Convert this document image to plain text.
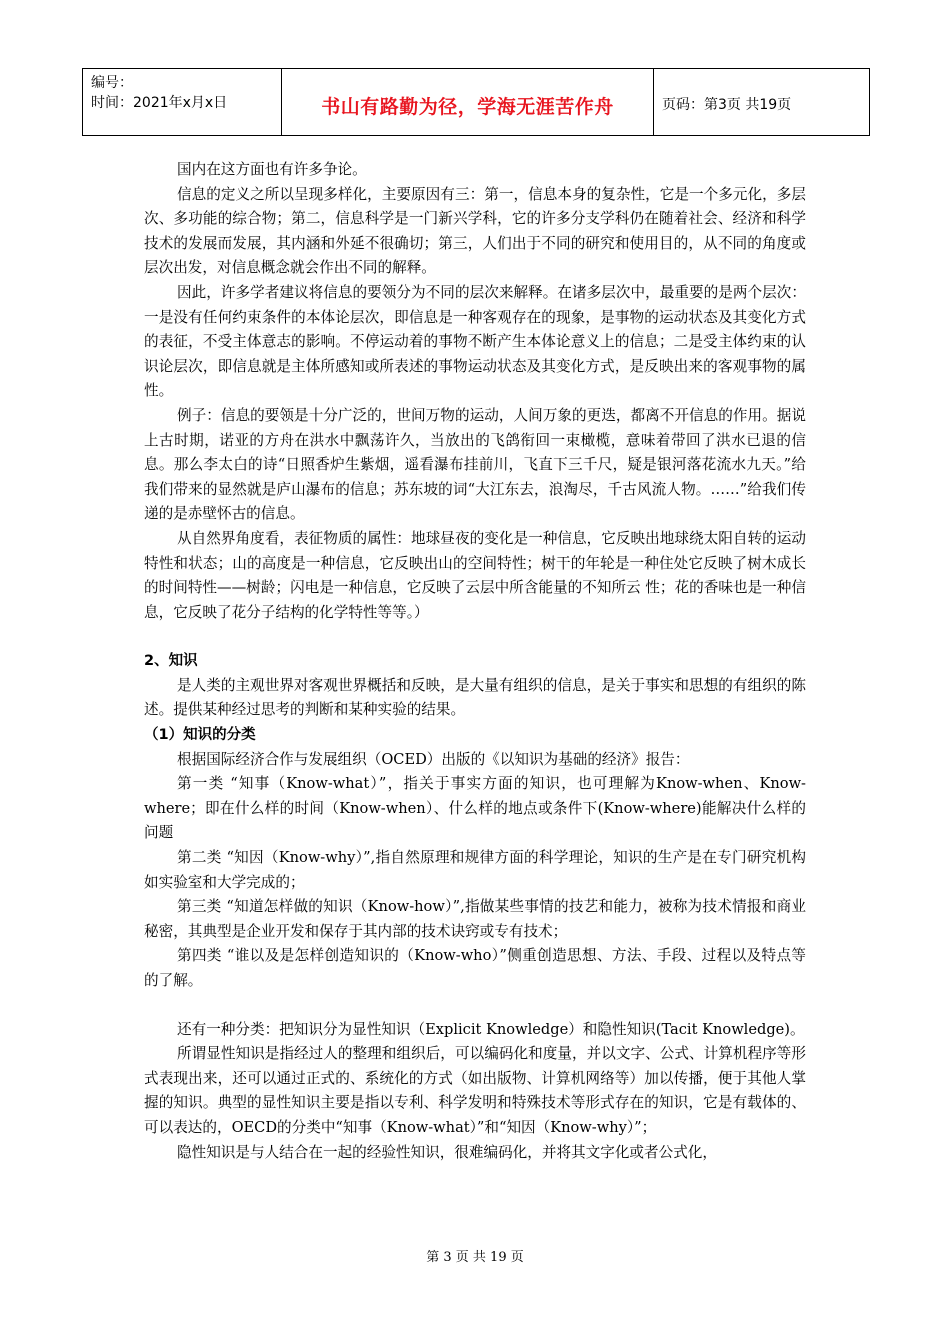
编号：
时间：2021年x月x日	书山有路勤为径，学海无涯苦作舟	页码：第3页 共19页

国内在这方面也有许多争论。

信息的定义之所以呈现多样化，主要原因有三：第一，信息本身的复杂性，它是一个多元化，多层次、多功能的综合物；第二，信息科学是一门新兴学科，它的许多分支学科仍在随着社会、经济和科学技术的发展而发展，其内涵和外延不很确切；第三，人们出于不同的研究和使用目的，从不同的角度或层次出发，对信息概念就会作出不同的解释。

因此，许多学者建议将信息的要领分为不同的层次来解释。在诸多层次中，最重要的是两个层次：一是没有任何约束条件的本体论层次，即信息是一种客观存在的现象，是事物的运动状态及其变化方式的表征，不受主体意志的影响。不停运动着的事物不断产生本体论意义上的信息；二是受主体约束的认识论层次，即信息就是主体所感知或所表述的事物运动状态及其变化方式，是反映出来的客观事物的属性。

例子：信息的要领是十分广泛的，世间万物的运动，人间万象的更迭，都离不开信息的作用。据说上古时期，诺亚的方舟在洪水中飘荡许久，当放出的飞鸽衔回一束橄榄，意味着带回了洪水已退的信息。那么李太白的诗“日照香炉生紫烟，遥看瀑布挂前川，飞直下三千尺，疑是银河落花流水九天。”给我们带来的显然就是庐山瀑布的信息；苏东坡的词“大江东去，浪淘尽，千古风流人物。……”给我们传递的是赤壁怀古的信息。

从自然界角度看，表征物质的属性：地球昼夜的变化是一种信息，它反映出地球绕太阳自转的运动特性和状态；山的高度是一种信息，它反映出山的空间特性；树干的年轮是一种住处它反映了树木成长的时间特性——树龄；闪电是一种信息，它反映了云层中所含能量的不知所云 性；花的香味也是一种信息，它反映了花分子结构的化学特性等等。）

2、知识

是人类的主观世界对客观世界概括和反映，是大量有组织的信息，是关于事实和思想的有组织的陈述。提供某种经过思考的判断和某种实验的结果。

（1）知识的分类

根据国际经济合作与发展组织（OCED）出版的《以知识为基础的经济》报告：

第一类 “知事（Know-what）”，指关于事实方面的知识，也可理解为Know-when、Know-where；即在什么样的时间（Know-when）、什么样的地点或条件下(Know-where)能解决什么样的问题

第二类 “知因（Know-why）”,指自然原理和规律方面的科学理论，知识的生产是在专门研究机构如实验室和大学完成的；

第三类 “知道怎样做的知识（Know-how）”,指做某些事情的技艺和能力，被称为技术情报和商业秘密，其典型是企业开发和保存于其内部的技术诀窍或专有技术；

第四类 “谁以及是怎样创造知识的（Know-who）”侧重创造思想、方法、手段、过程以及特点等的了解。

还有一种分类：把知识分为显性知识（Explicit Knowledge）和隐性知识(Tacit Knowledge)。

所谓显性知识是指经过人的整理和组织后，可以编码化和度量，并以文字、公式、计算机程序等形式表现出来，还可以通过正式的、系统化的方式（如出版物、计算机网络等）加以传播，便于其他人掌握的知识。典型的显性知识主要是指以专利、科学发明和特殊技术等形式存在的知识，它是有载体的、可以表达的，OECD的分类中“知事（Know-what）”和“知因（Know-why）”；

隐性知识是与人结合在一起的经验性知识，很难编码化，并将其文字化或者公式化，

第 3 页 共 19 页
